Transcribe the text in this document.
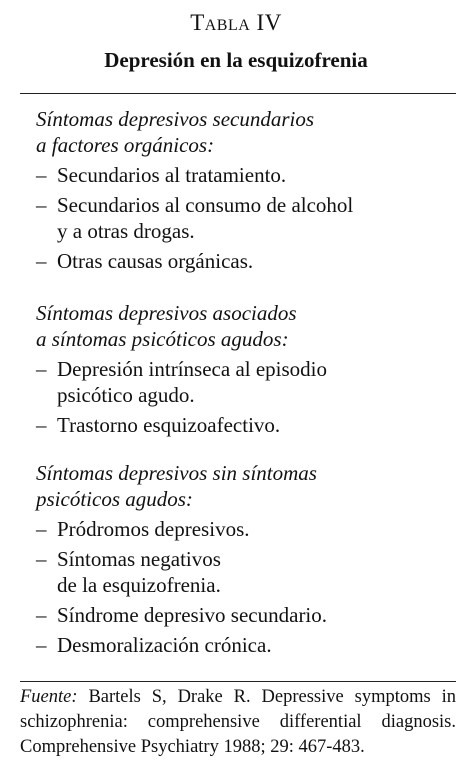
Tabla IV
Depresión en la esquizofrenia
Síntomas depresivos secundarios
a factores orgánicos:
– Secundarios al tratamiento.
– Secundarios al consumo de alcohol
y a otras drogas.
– Otras causas orgánicas.
Síntomas depresivos asociados
a síntomas psicóticos agudos:
– Depresión intrínseca al episodio
psicótico agudo.
– Trastorno esquizoafectivo.
Síntomas depresivos sin síntomas
psicóticos agudos:
– Pródromos depresivos.
– Síntomas negativos
de la esquizofrenia.
– Síndrome depresivo secundario.
– Desmoralización crónica.
Fuente: Bartels S, Drake R. Depressive symptoms in schizophrenia: comprehensive differential diagnosis. Comprehensive Psychiatry 1988; 29: 467-483.
